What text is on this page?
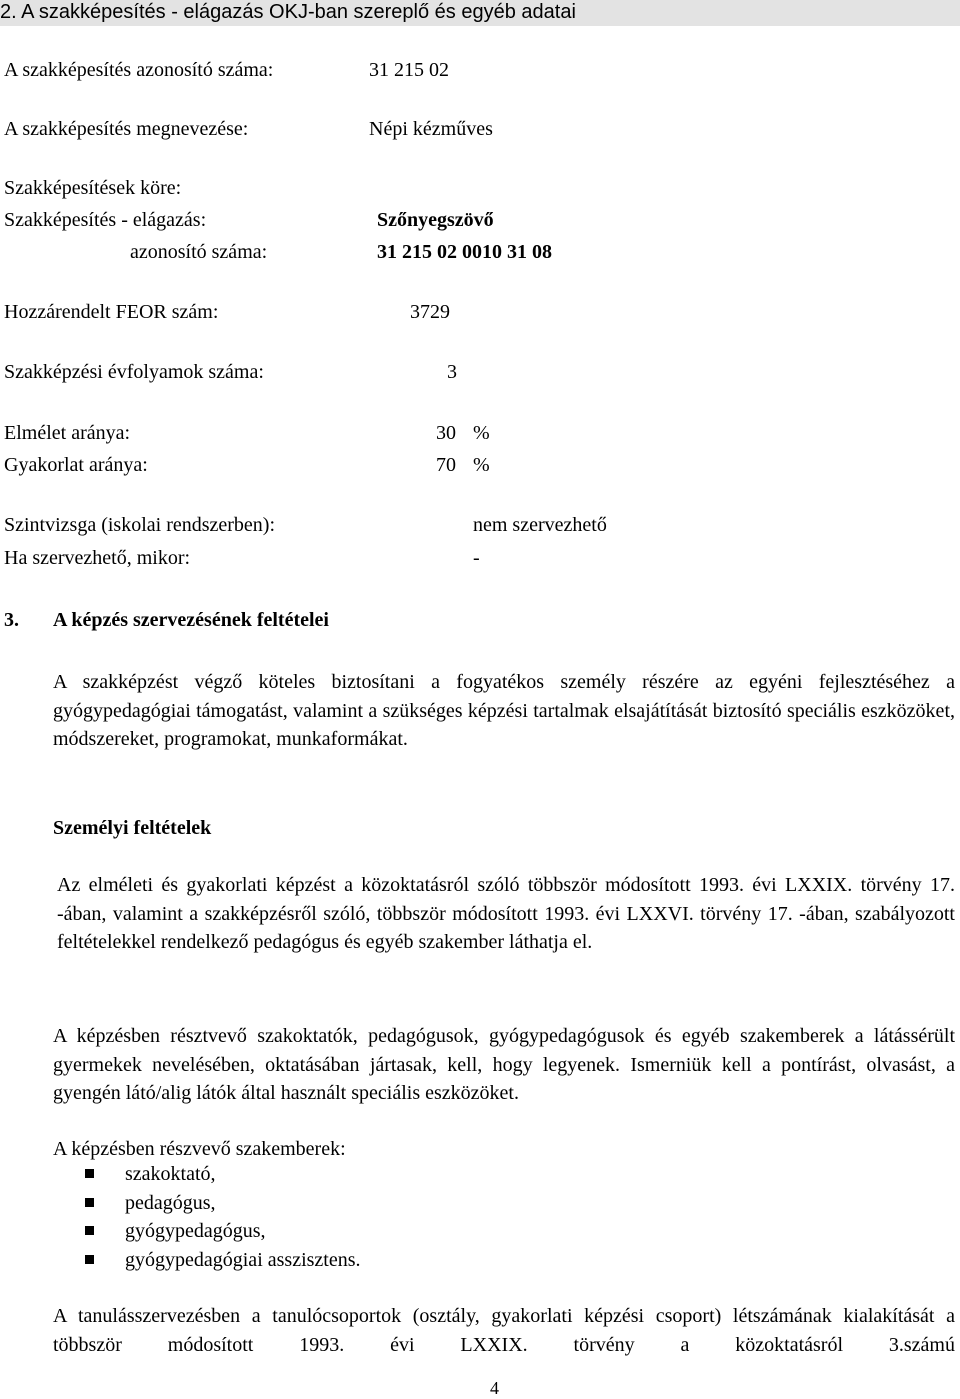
2. A szakképesítés - elágazás OKJ-ban szereplő és egyéb adatai
A szakképesítés azonosító száma:	31 215 02
A szakképesítés megnevezése:	Népi kézműves
Szakképesítések köre:
Szakképesítés - elágazás:	Szőnyegszövő
azonosító száma:	31 215 02 0010 31 08
Hozzárendelt FEOR szám:	3729
Szakképzési évfolyamok száma:	3
Elmélet aránya:	30 %
Gyakorlat aránya:	70 %
Szintvizsga (iskolai rendszerben):	nem szervezhető
Ha szervezhető, mikor:	-
3. A képzés szervezésének feltételei
A szakképzést végző köteles biztosítani a fogyatékos személy részére az egyéni fejlesztéséhez a gyógypedagógiai támogatást, valamint a szükséges képzési tartalmak elsajátítását biztosító speciális eszközöket, módszereket, programokat, munkaformákat.
Személyi feltételek
Az elméleti és gyakorlati képzést a közoktatásról szóló többször módosított 1993. évi LXXIX. törvény 17. -ában, valamint a szakképzésről szóló, többször módosított 1993. évi LXXVI. törvény 17. -ában, szabályozott feltételekkel rendelkező pedagógus és egyéb szakember láthatja el.
A képzésben résztvevő szakoktatók, pedagógusok, gyógypedagógusok és egyéb szakemberek a látássérült gyermekek nevelésében, oktatásában jártasak, kell, hogy legyenek. Ismerniük kell a pontírást, olvasást, a gyengén látó/alig látók által használt speciális eszközöket.
A képzésben részvevő szakemberek:
szakoktató,
pedagógus,
gyógypedagógus,
gyógypedagógiai asszisztens.
A tanulásszervezésben a tanulócsoportok (osztály, gyakorlati képzési csoport) létszámának kialakítását a többször módosított 1993. évi LXXIX. törvény a közoktatásról 3.számú
4
